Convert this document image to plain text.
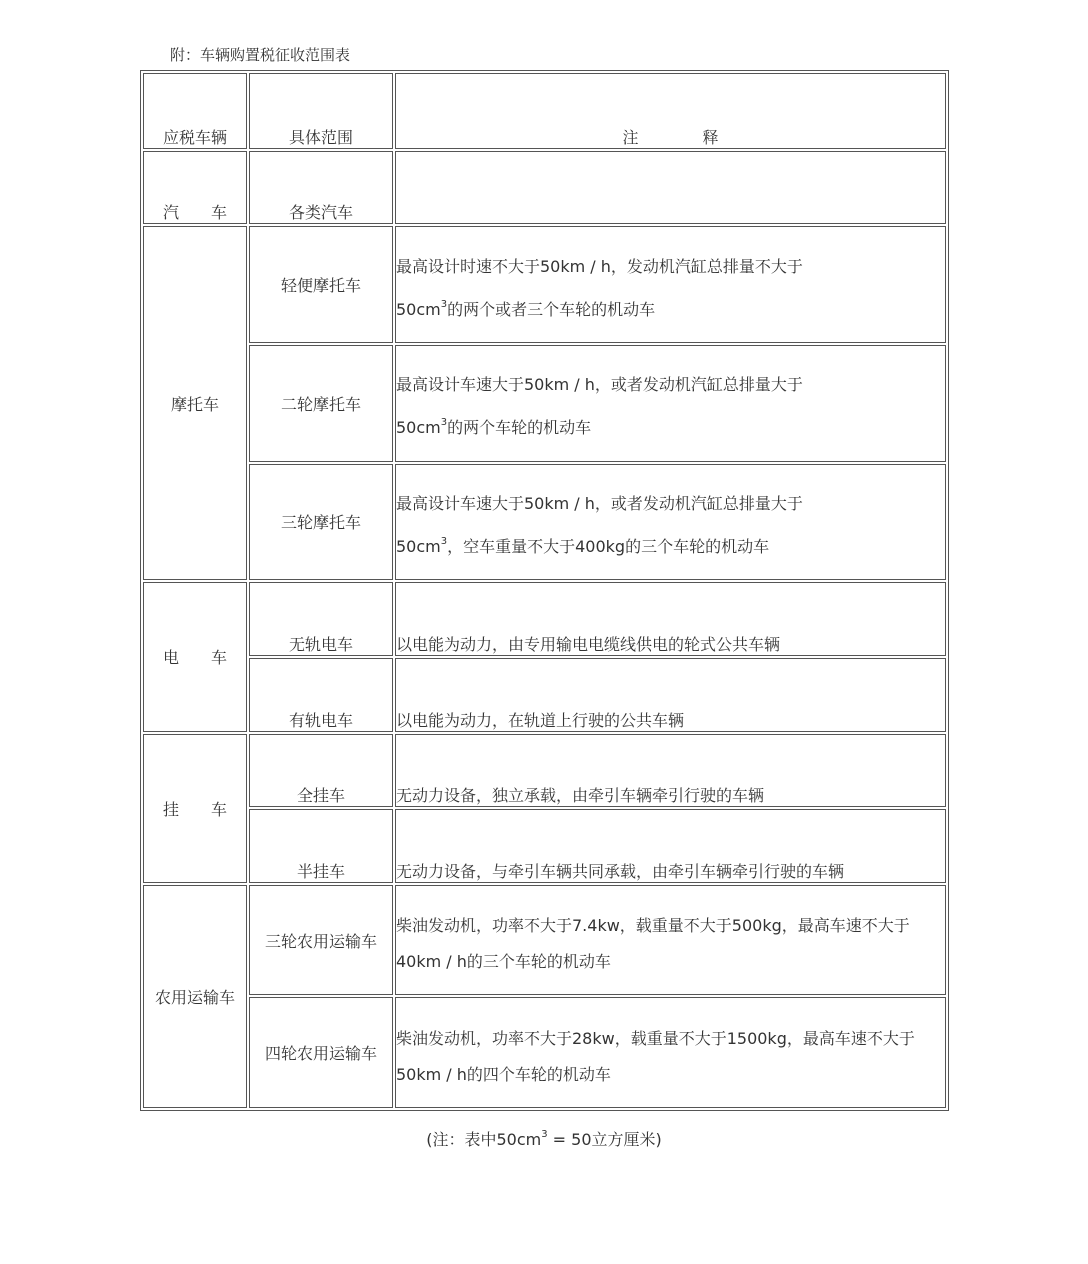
附：车辆购置税征收范围表
应税车辆	具体范围	注　　　　释
汽　　车	各类汽车	
摩托车	轻便摩托车	最高设计时速不大于50km / h，发动机汽缸总排量不大于
$50cm^3$的两个或者三个车轮的机动车

	二轮摩托车	最高设计车速大于50km / h，或者发动机汽缸总排量大于
$50cm^3$的两个车轮的机动车

	三轮摩托车	最高设计车速大于50km / h，或者发动机汽缸总排量大于
$50cm^3$，空车重量不大于400kg的三个车轮的机动车

电　　车	无轨电车	以电能为动力，由专用输电电缆线供电的轮式公共车辆
	有轨电车	以电能为动力，在轨道上行驶的公共车辆
挂　　车	全挂车	无动力设备，独立承载，由牵引车辆牵引行驶的车辆
	半挂车	无动力设备，与牵引车辆共同承载，由牵引车辆牵引行驶的车辆
农用运输车	三轮农用运输车	柴油发动机，功率不大于7.4kw，载重量不大于500kg，最高车速不大于
40km / h的三个车轮的机动车

	四轮农用运输车	柴油发动机，功率不大于28kw，载重量不大于1500kg，最高车速不大于
50km / h的四个车轮的机动车
(注：表中$50cm^3 = 50$立方厘米)
